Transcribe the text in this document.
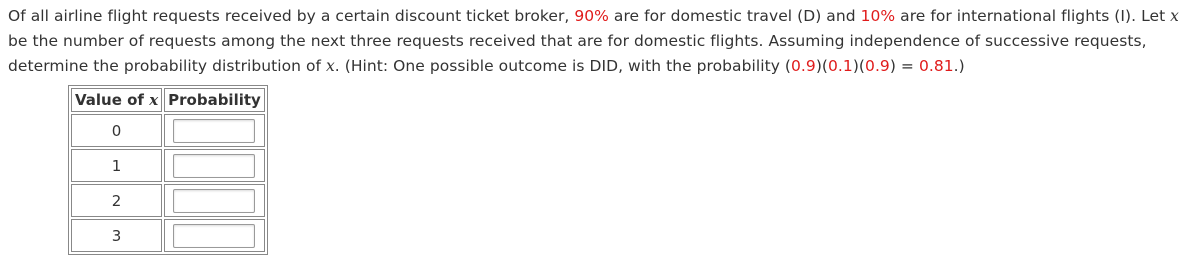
Of all airline flight requests received by a certain discount ticket broker, 90% are for domestic travel (D) and 10% are for international flights (I). Let x be the number of requests among the next three requests received that are for domestic flights. Assuming independence of successive requests, determine the probability distribution of x. (Hint: One possible outcome is DID, with the probability (0.9)(0.1)(0.9) = 0.81.)
Value of x	Probability
0	

1	

2	

3	
